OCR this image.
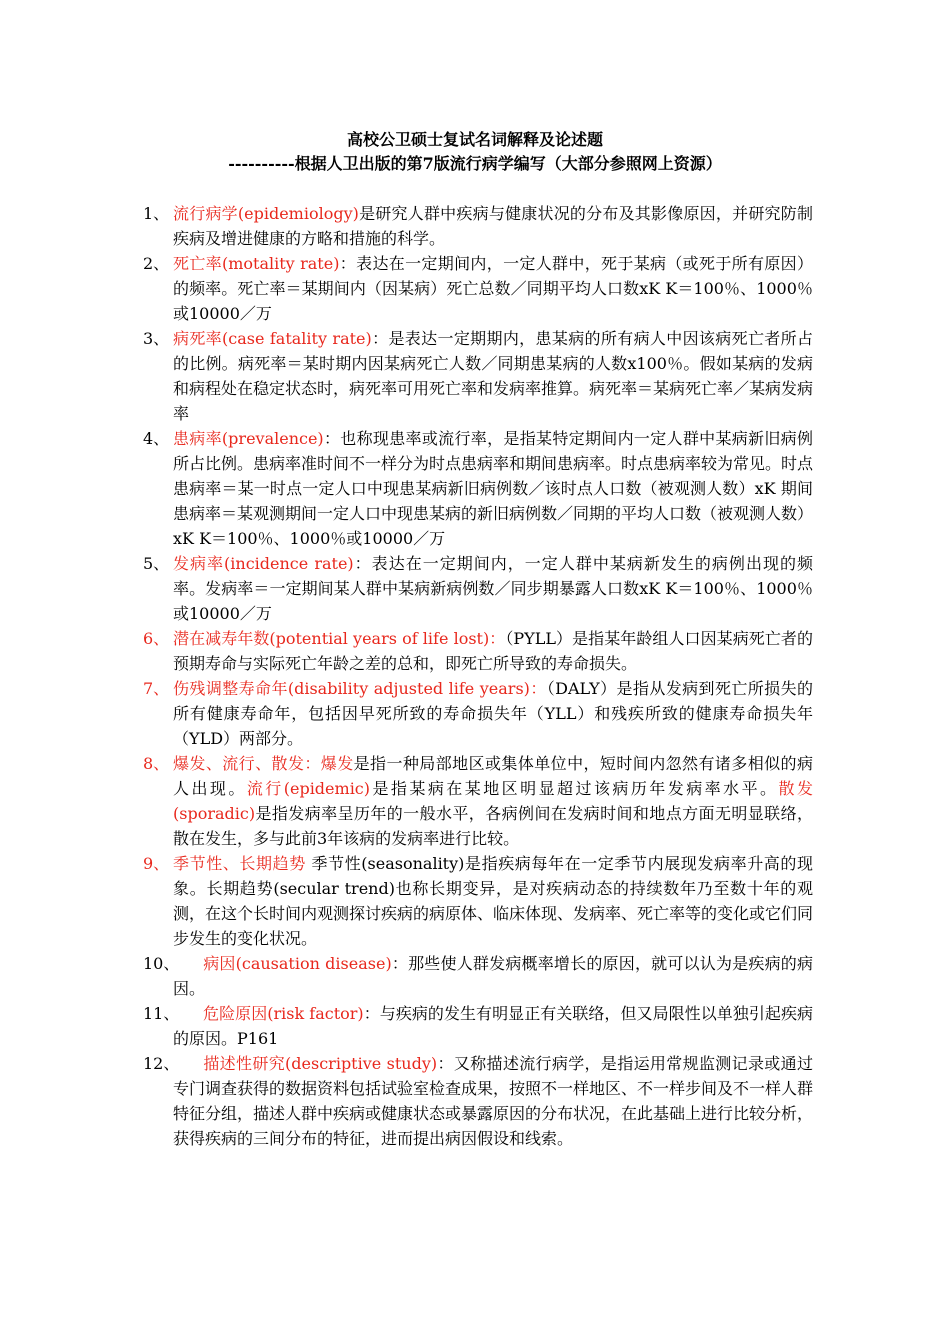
高校公卫硕士复试名词解释及论述题
----------根据人卫出版的第7版流行病学编写（大部分参照网上资源）
1、 流行病学(epidemiology)是研究人群中疾病与健康状况的分布及其影像原因，并研究防制疾病及增进健康的方略和措施的科学。
2、 死亡率(motality rate)：表达在一定期间内，一定人群中，死于某病（或死于所有原因）的频率。死亡率＝某期间内（因某病）死亡总数／同期平均人口数xK K＝100％、1000％或10000／万
3、 病死率(case fatality rate)：是表达一定期期内，患某病的所有病人中因该病死亡者所占的比例。病死率＝某时期内因某病死亡人数／同期患某病的人数x100％。假如某病的发病和病程处在稳定状态时，病死率可用死亡率和发病率推算。病死率＝某病死亡率／某病发病率
4、 患病率(prevalence)：也称现患率或流行率，是指某特定期间内一定人群中某病新旧病例所占比例。患病率准时间不一样分为时点患病率和期间患病率。时点患病率较为常见。时点患病率＝某一时点一定人口中现患某病新旧病例数／该时点人口数（被观测人数）xK 期间患病率＝某观测期间一定人口中现患某病的新旧病例数／同期的平均人口数（被观测人数）xK K＝100％、1000％或10000／万
5、 发病率(incidence rate)：表达在一定期间内，一定人群中某病新发生的病例出现的频率。发病率＝一定期间某人群中某病新病例数／同步期暴露人口数xK K＝100％、1000％或10000／万
6、 潜在减寿年数(potential years of life lost)：（PYLL）是指某年龄组人口因某病死亡者的预期寿命与实际死亡年龄之差的总和，即死亡所导致的寿命损失。
7、 伤残调整寿命年(disability adjusted life years)：（DALY）是指从发病到死亡所损失的所有健康寿命年，包括因早死所致的寿命损失年（YLL）和残疾所致的健康寿命损失年（YLD）两部分。
8、 爆发、流行、散发：爆发是指一种局部地区或集体单位中，短时间内忽然有诸多相似的病人出现。流行(epidemic)是指某病在某地区明显超过该病历年发病率水平。散发(sporadic)是指发病率呈历年的一般水平，各病例间在发病时间和地点方面无明显联络，散在发生，多与此前3年该病的发病率进行比较。
9、 季节性、长期趋势 季节性(seasonality)是指疾病每年在一定季节内展现发病率升高的现象。长期趋势(secular trend)也称长期变异，是对疾病动态的持续数年乃至数十年的观测，在这个长时间内观测探讨疾病的病原体、临床体现、发病率、死亡率等的变化或它们同步发生的变化状况。
10、 病因(causation disease)：那些使人群发病概率增长的原因，就可以认为是疾病的病因。
11、 危险原因(risk factor)：与疾病的发生有明显正有关联络，但又局限性以单独引起疾病的原因。P161
12、 描述性研究(descriptive study)：又称描述流行病学，是指运用常规监测记录或通过专门调查获得的数据资料包括试验室检查成果，按照不一样地区、不一样步间及不一样人群特征分组，描述人群中疾病或健康状态或暴露原因的分布状况，在此基础上进行比较分析，获得疾病的三间分布的特征，进而提出病因假设和线索。
